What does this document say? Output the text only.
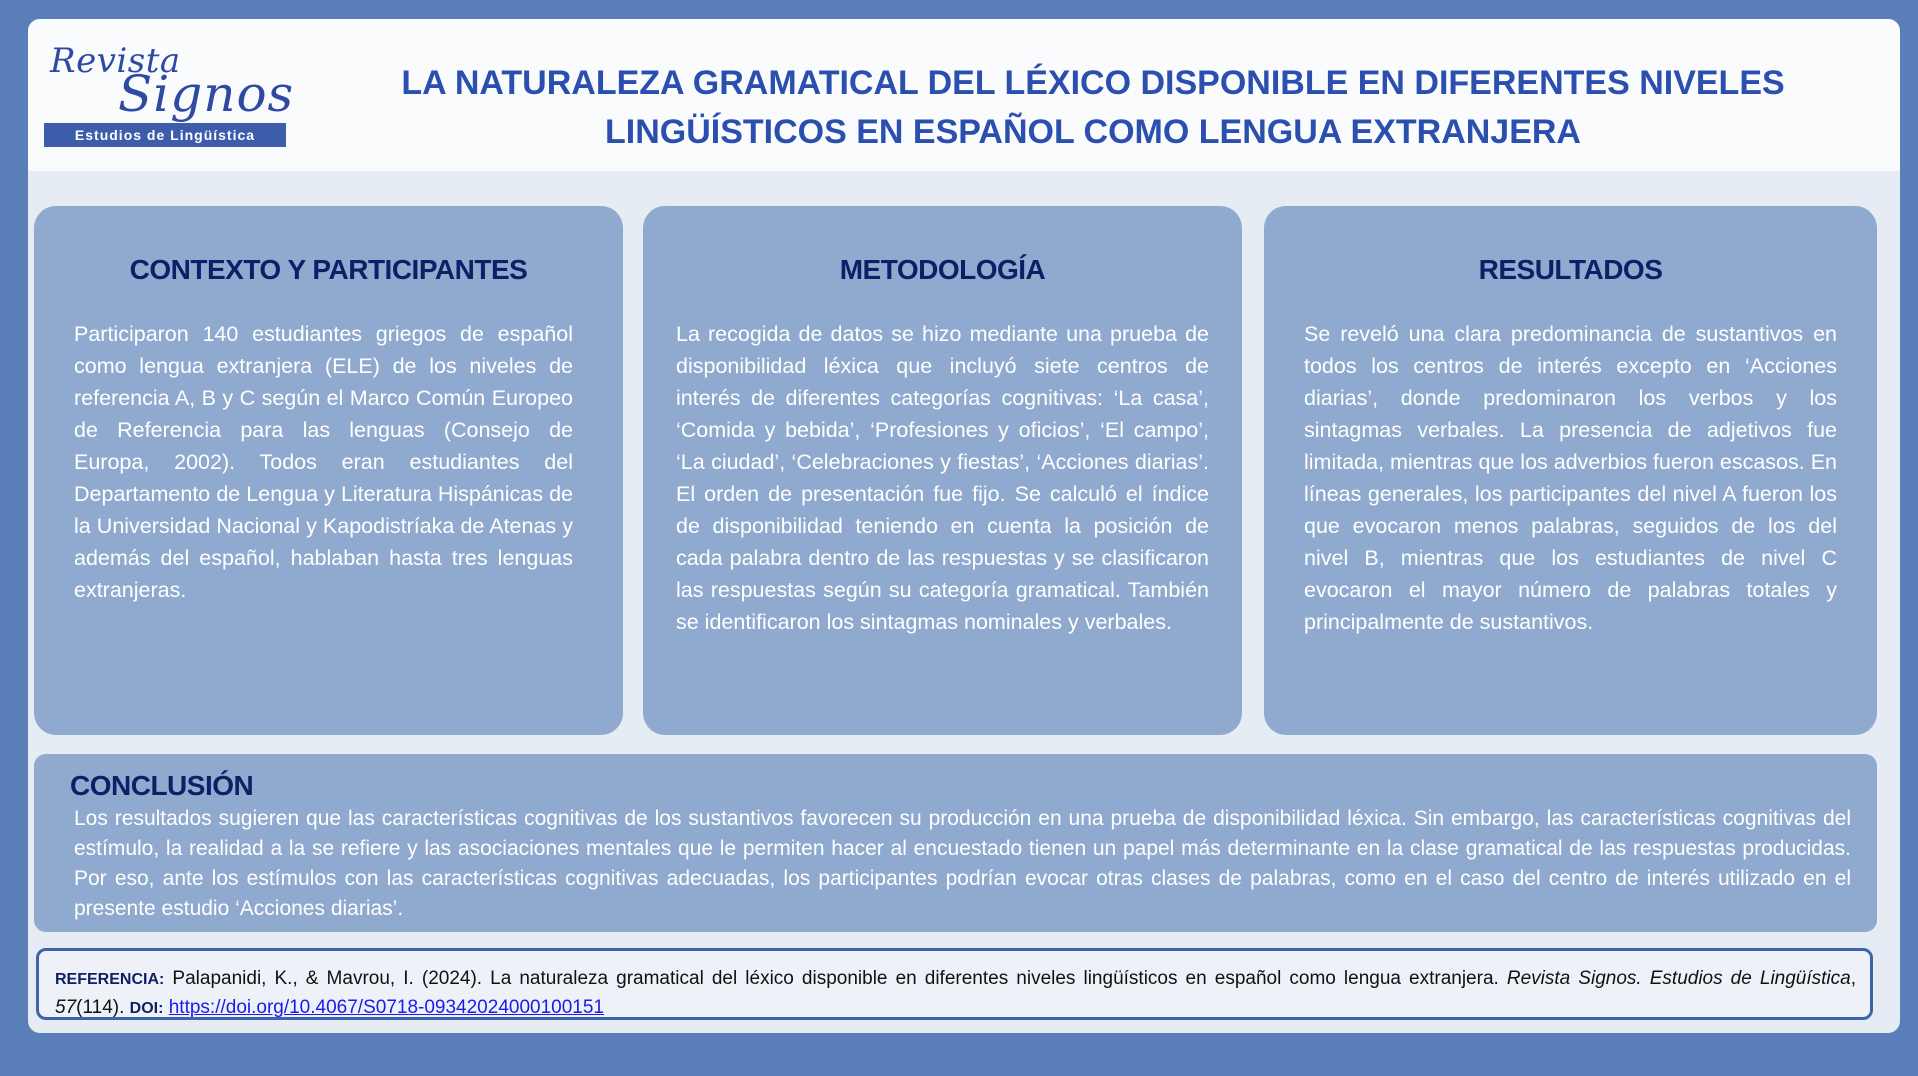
Revista
Signos
Estudios de Lingüística
LA NATURALEZA GRAMATICAL DEL LÉXICO DISPONIBLE EN DIFERENTES NIVELES LINGÜÍSTICOS EN ESPAÑOL COMO LENGUA EXTRANJERA
CONTEXTO Y PARTICIPANTES

Participaron 140 estudiantes griegos de español como lengua extranjera (ELE) de los niveles de referencia A, B y C según el Marco Común Europeo de Referencia para las lenguas (Consejo de Europa, 2002). Todos eran estudiantes del Departamento de Lengua y Literatura Hispánicas de la Universidad Nacional y Kapodistríaka de Atenas y además del español, hablaban hasta tres lenguas extranjeras.

METODOLOGÍA

La recogida de datos se hizo mediante una prueba de disponibilidad léxica que incluyó siete centros de interés de diferentes categorías cognitivas: ‘La casa’, ‘Comida y bebida’, ‘Profesiones y oficios’, ‘El campo’, ‘La ciudad’, ‘Celebraciones y fiestas’, ‘Acciones diarias’. El orden de presentación fue fijo. Se calculó el índice de disponibilidad teniendo en cuenta la posición de cada palabra dentro de las respuestas y se clasificaron las respuestas según su categoría gramatical. También se identificaron los sintagmas nominales y verbales.

RESULTADOS

Se reveló una clara predominancia de sustantivos en todos los centros de interés excepto en ‘Acciones diarias’, donde predominaron los verbos y los sintagmas verbales. La presencia de adjetivos fue limitada, mientras que los adverbios fueron escasos. En líneas generales, los participantes del nivel A fueron los que evocaron menos palabras, seguidos de los del nivel B, mientras que los estudiantes de nivel C evocaron el mayor número de palabras totales y principalmente de sustantivos.

CONCLUSIÓN

Los resultados sugieren que las características cognitivas de los sustantivos favorecen su producción en una prueba de disponibilidad léxica. Sin embargo, las características cognitivas del estímulo, la realidad a la se refiere y las asociaciones mentales que le permiten hacer al encuestado tienen un papel más determinante en la clase gramatical de las respuestas producidas. Por eso, ante los estímulos con las características cognitivas adecuadas, los participantes podrían evocar otras clases de palabras, como en el caso del centro de interés utilizado en el presente estudio ‘Acciones diarias’.

REFERENCIA: Palapanidi, K., & Mavrou, I. (2024). La naturaleza gramatical del léxico disponible en diferentes niveles lingüísticos en español como lengua extranjera. Revista Signos. Estudios de Lingüística, 57(114). DOI: https://doi.org/10.4067/S0718-09342024000100151
